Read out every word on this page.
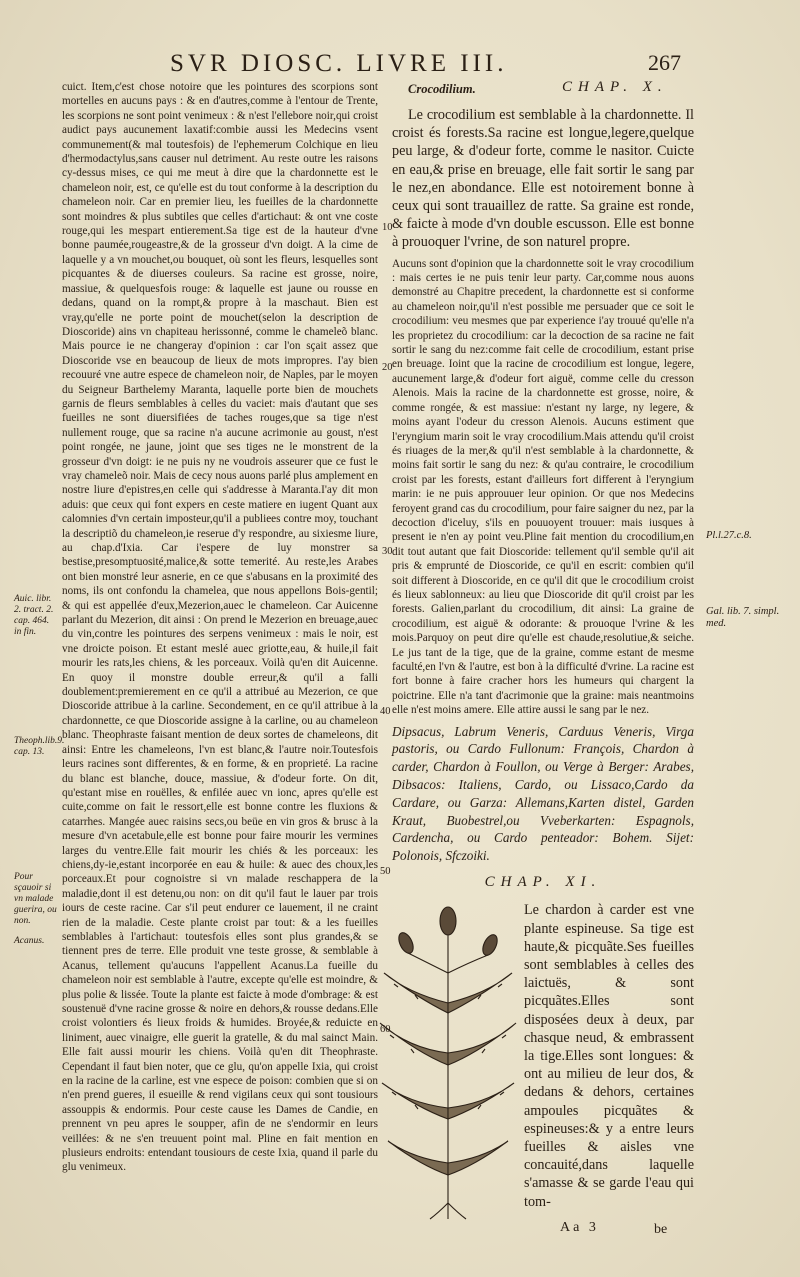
SVR DIOSC. LIVRE III.	267

cuict. Item,c'est chose notoire que les pointures des scorpions sont mortelles en aucuns pays : & en d'autres,comme à l'entour de Trente, les scorpions ne sont point venimeux : & n'est l'ellebore noir,qui croist audict pays aucunement laxatif:combie aussi les Medecins vsent communement(& mal toutesfois) de l'ephemerum Colchique en lieu d'hermodactylus,sans causer nul detriment. Au reste outre les raisons cy-dessus mises, ce qui me meut à dire que la chardonnette est le chameleon noir, est, ce qu'elle est du tout conforme à la description du chameleon noir. Car en premier lieu, les fueilles de la chardonnette sont moindres & plus subtiles que celles d'artichaut: & ont vne coste rouge,qui les mespart entierement.Sa tige est de la hauteur d'vne bonne paumée,rougeastre,& de la grosseur d'vn doigt. A la cime de laquelle y a vn mouchet,ou bouquet, où sont les fleurs, lesquelles sont picquantes & de diuerses couleurs. Sa racine est grosse, noire, massiue, & quelquesfois rouge: & laquelle est jaune ou rousse en dedans, quand on la rompt,& propre à la maschaut. Bien est vray,qu'elle ne porte point de mouchet(selon la description de Dioscoride) ains vn chapiteau herissonné, comme le chameleõ blanc. Mais pource ie ne changeray d'opinion : car l'on sçait assez que Dioscoride vse en beaucoup de lieux de mots impropres. I'ay bien recouuré vne autre espece de chameleon noir, de Naples, par le moyen du Seigneur Barthelemy Maranta, laquelle porte bien de mouchets garnis de fleurs semblables à celles du vaciet: mais d'autant que ses fueilles ne sont diuersifiées de taches rouges,que sa tige n'est nullement rouge, que sa racine n'a aucune acrimonie au goust, n'est point rongée, ne jaune, joint que ses tiges ne le monstrent de la grosseur d'vn doigt: ie ne puis ny ne voudrois asseurer que ce fust le vray chameleõ noir. Mais de cecy nous auons parlé plus amplement en nostre liure d'epistres,en celle qui s'addresse à Maranta.I'ay dit mon aduis: que ceux qui font expers en ceste matiere en iugent Quant aux calomnies d'vn certain imposteur,qu'il a publiees contre moy, touchant la descriptiõ du chameleon,ie reserue d'y respondre, au sixiesme liure, au chap.d'Ixia. Car i'espere de luy monstrer sa bestise,presomptuosité,malice,& sotte temerité. Au reste,les Arabes ont bien monstré leur asnerie, en ce que s'abusans en la proximité des noms, ils ont confondu la chamelea, que nous appellons Bois-gentil; & qui est appellée d'eux,Mezerion,auec le chameleon. Car Auicenne parlant du Mezerion, dit ainsi : On prend le Mezerion en breuage,auec du vin,contre les pointures des serpens venimeux : mais le noir, est vne droicte poison. Et estant meslé auec griotte,eau, & huile,il fait mourir les rats,les chiens, & les porceaux. Voilà qu'en dit Auicenne. En quoy il monstre double erreur,& qu'il a falli doublement:premierement en ce qu'il a attribué au Mezerion, ce que Dioscoride attribue à la carline. Secondement, en ce qu'il attribue à la chardonnette, ce que Dioscoride assigne à la carline, ou au chameleon blanc. Theophraste faisant mention de deux sortes de chameleons, dit ainsi: Entre les chameleons, l'vn est blanc,& l'autre noir.Toutesfois leurs racines sont differentes, & en forme, & en proprieté. La racine du blanc est blanche, douce, massiue, & d'odeur forte. On dit, qu'estant mise en rouëlles, & enfilée auec vn ionc, apres qu'elle est cuite,comme on fait le ressort,elle est bonne contre les fluxions & catarrhes. Mangée auec raisins secs,ou beüe en vin gros & brusc à la mesure d'vn acetabule,elle est bonne pour faire mourir les vermines larges du ventre.Elle fait mourir les chiés & les porceaux: les chiens,dy-ie,estant incorporée en eau & huile: & auec des choux,les porceaux.Et pour cognoistre si vn malade reschappera de la maladie,dont il est detenu,ou non: on dit qu'il faut le lauer par trois iours de ceste racine. Car s'il peut endurer ce lauement, il ne craint rien de la maladie. Ceste plante croist par tout: & a les fueilles semblables à l'artichaut: toutesfois elles sont plus grandes,& se tiennent pres de terre. Elle produit vne teste grosse, & semblable à Acanus, tellement qu'aucuns l'appellent Acanus.La fueille du chameleon noir est semblable à l'autre, excepte qu'elle est moindre, & plus polie & lissée. Toute la plante est faicte à mode d'ombrage: & est soustenuë d'vne racine grosse & noire en dehors,& rousse dedans.Elle croist volontiers és lieux froids & humides. Broyée,& reduicte en liniment, auec vinaigre, elle guerit la gratelle, & du mal sainct Main. Elle fait aussi mourir les chiens. Voilà qu'en dit Theophraste. Cependant il faut bien noter, que ce glu, qu'on appelle Ixia, qui croist en la racine de la carline, est vne espece de poison: combien que si on n'en prend gueres, il esueille & rend vigilans ceux qui sont tousiours assouppis & endormis. Pour ceste cause les Dames de Candie, en prennent vn peu apres le soupper, afin de ne s'endormir en leurs veillées: & ne s'en treuuent point mal. Pline en fait mention en plusieurs endroits: entendant tousiours de ceste Ixia, quand il parle du glu venimeux.

10
20
30
40
50
60
Auic. libr. 2. tract. 2. cap. 464. in fin.
Theoph.lib.9. cap. 13.
Pour sçauoir si vn malade guerira, ou non.
Acanus.
Pl.l.27.c.8.
Gal. lib. 7. simpl. med.
Crocodilium.	CHAP. X.

Le crocodilium est semblable à la chardonnette. Il croist és forests.Sa racine est longue,legere,quelque peu large, & d'odeur forte, comme le nasitor. Cuicte en eau,& prise en breuage, elle fait sortir le sang par le nez,en abondance. Elle est notoirement bonne à ceux qui sont trauaillez de ratte. Sa graine est ronde, & faicte à mode d'vn double escusson. Elle est bonne à prouoquer l'vrine, de son naturel propre.

Aucuns sont d'opinion que la chardonnette soit le vray crocodilium : mais certes ie ne puis tenir leur party. Car,comme nous auons demonstré au Chapitre precedent, la chardonnette est si conforme au chameleon noir,qu'il n'est possible me persuader que ce soit le crocodilium: veu mesmes que par experience i'ay trouué qu'elle n'a les proprietez du crocodilium: car la decoction de sa racine ne fait sortir le sang du nez:comme fait celle de crocodilium, estant prise en breuage. Ioint que la racine de crocodilium est longue, legere, aucunement large,& d'odeur fort aiguë, comme celle du cresson Alenois. Mais la racine de la chardonnette est grosse, noire, & comme rongée, & est massiue: n'estant ny large, ny legere, & moins ayant l'odeur du cresson Alenois. Aucuns estiment que l'eryngium marin soit le vray crocodilium.Mais attendu qu'il croist és riuages de la mer,& qu'il n'est semblable à la chardonnette, & moins fait sortir le sang du nez: & qu'au contraire, le crocodilium croist par les forests, estant d'ailleurs fort different à l'eryngium marin: ie ne puis approuuer leur opinion. Or que nos Medecins feroyent grand cas du crocodilium, pour faire saigner du nez, par la decoction d'iceluy, s'ils en pouuoyent trouuer: mais iusques à present ie n'en ay point veu.Pline fait mention du crocodilium,en dit tout autant que fait Dioscoride: tellement qu'il semble qu'il ait pris & emprunté de Dioscoride, ce qu'il en escrit: combien qu'il soit different à Dioscoride, en ce qu'il dit que le crocodilium croist és lieux sablonneux: au lieu que Dioscoride dit qu'il croist par les forests. Galien,parlant du crocodilium, dit ainsi: La graine de crocodilium, est aiguë & odorante: & prouoque l'vrine & les mois.Parquoy on peut dire qu'elle est chaude,resolutiue,& seiche. Le jus tant de la tige, que de la graine, comme estant de mesme faculté,en l'vn & l'autre, est bon à la difficulté d'vrine. La racine est fort bonne à faire cracher hors les humeurs qui chargent la poictrine. Elle n'a tant d'acrimonie que la graine: mais neantmoins elle n'est moins amere. Elle attire aussi le sang par le nez.

Dipsacus, Labrum Veneris, Carduus Veneris, Virga pastoris, ou Cardo Fullonum: François, Chardon à carder, Chardon à Foullon, ou Verge à Berger: Arabes, Dibsacos: Italiens, Cardo, ou Lissaco,Cardo da Cardare, ou Garza: Allemans,Karten distel, Garden Kraut, Buobestrel,ou Vveberkarten: Espagnols, Cardencha, ou Cardo penteador: Bohem. Sijet: Polonois, Sfczoiki.

CHAP. XI.
Le chardon à carder est vne plante espineuse. Sa tige est haute,& picquãte.Ses fueilles sont semblables à celles des laictuës, & sont picquãtes.Elles sont disposées deux à deux, par chasque neud, & embrassent la tige.Elles sont longues: & ont au milieu de leur dos, & dedans & dehors, certaines ampoules picquãtes & espineuses:& y a entre leurs fueilles & aisles vne concauité,dans laquelle s'amasse & se garde l'eau qui tom-
Aa 3	be
